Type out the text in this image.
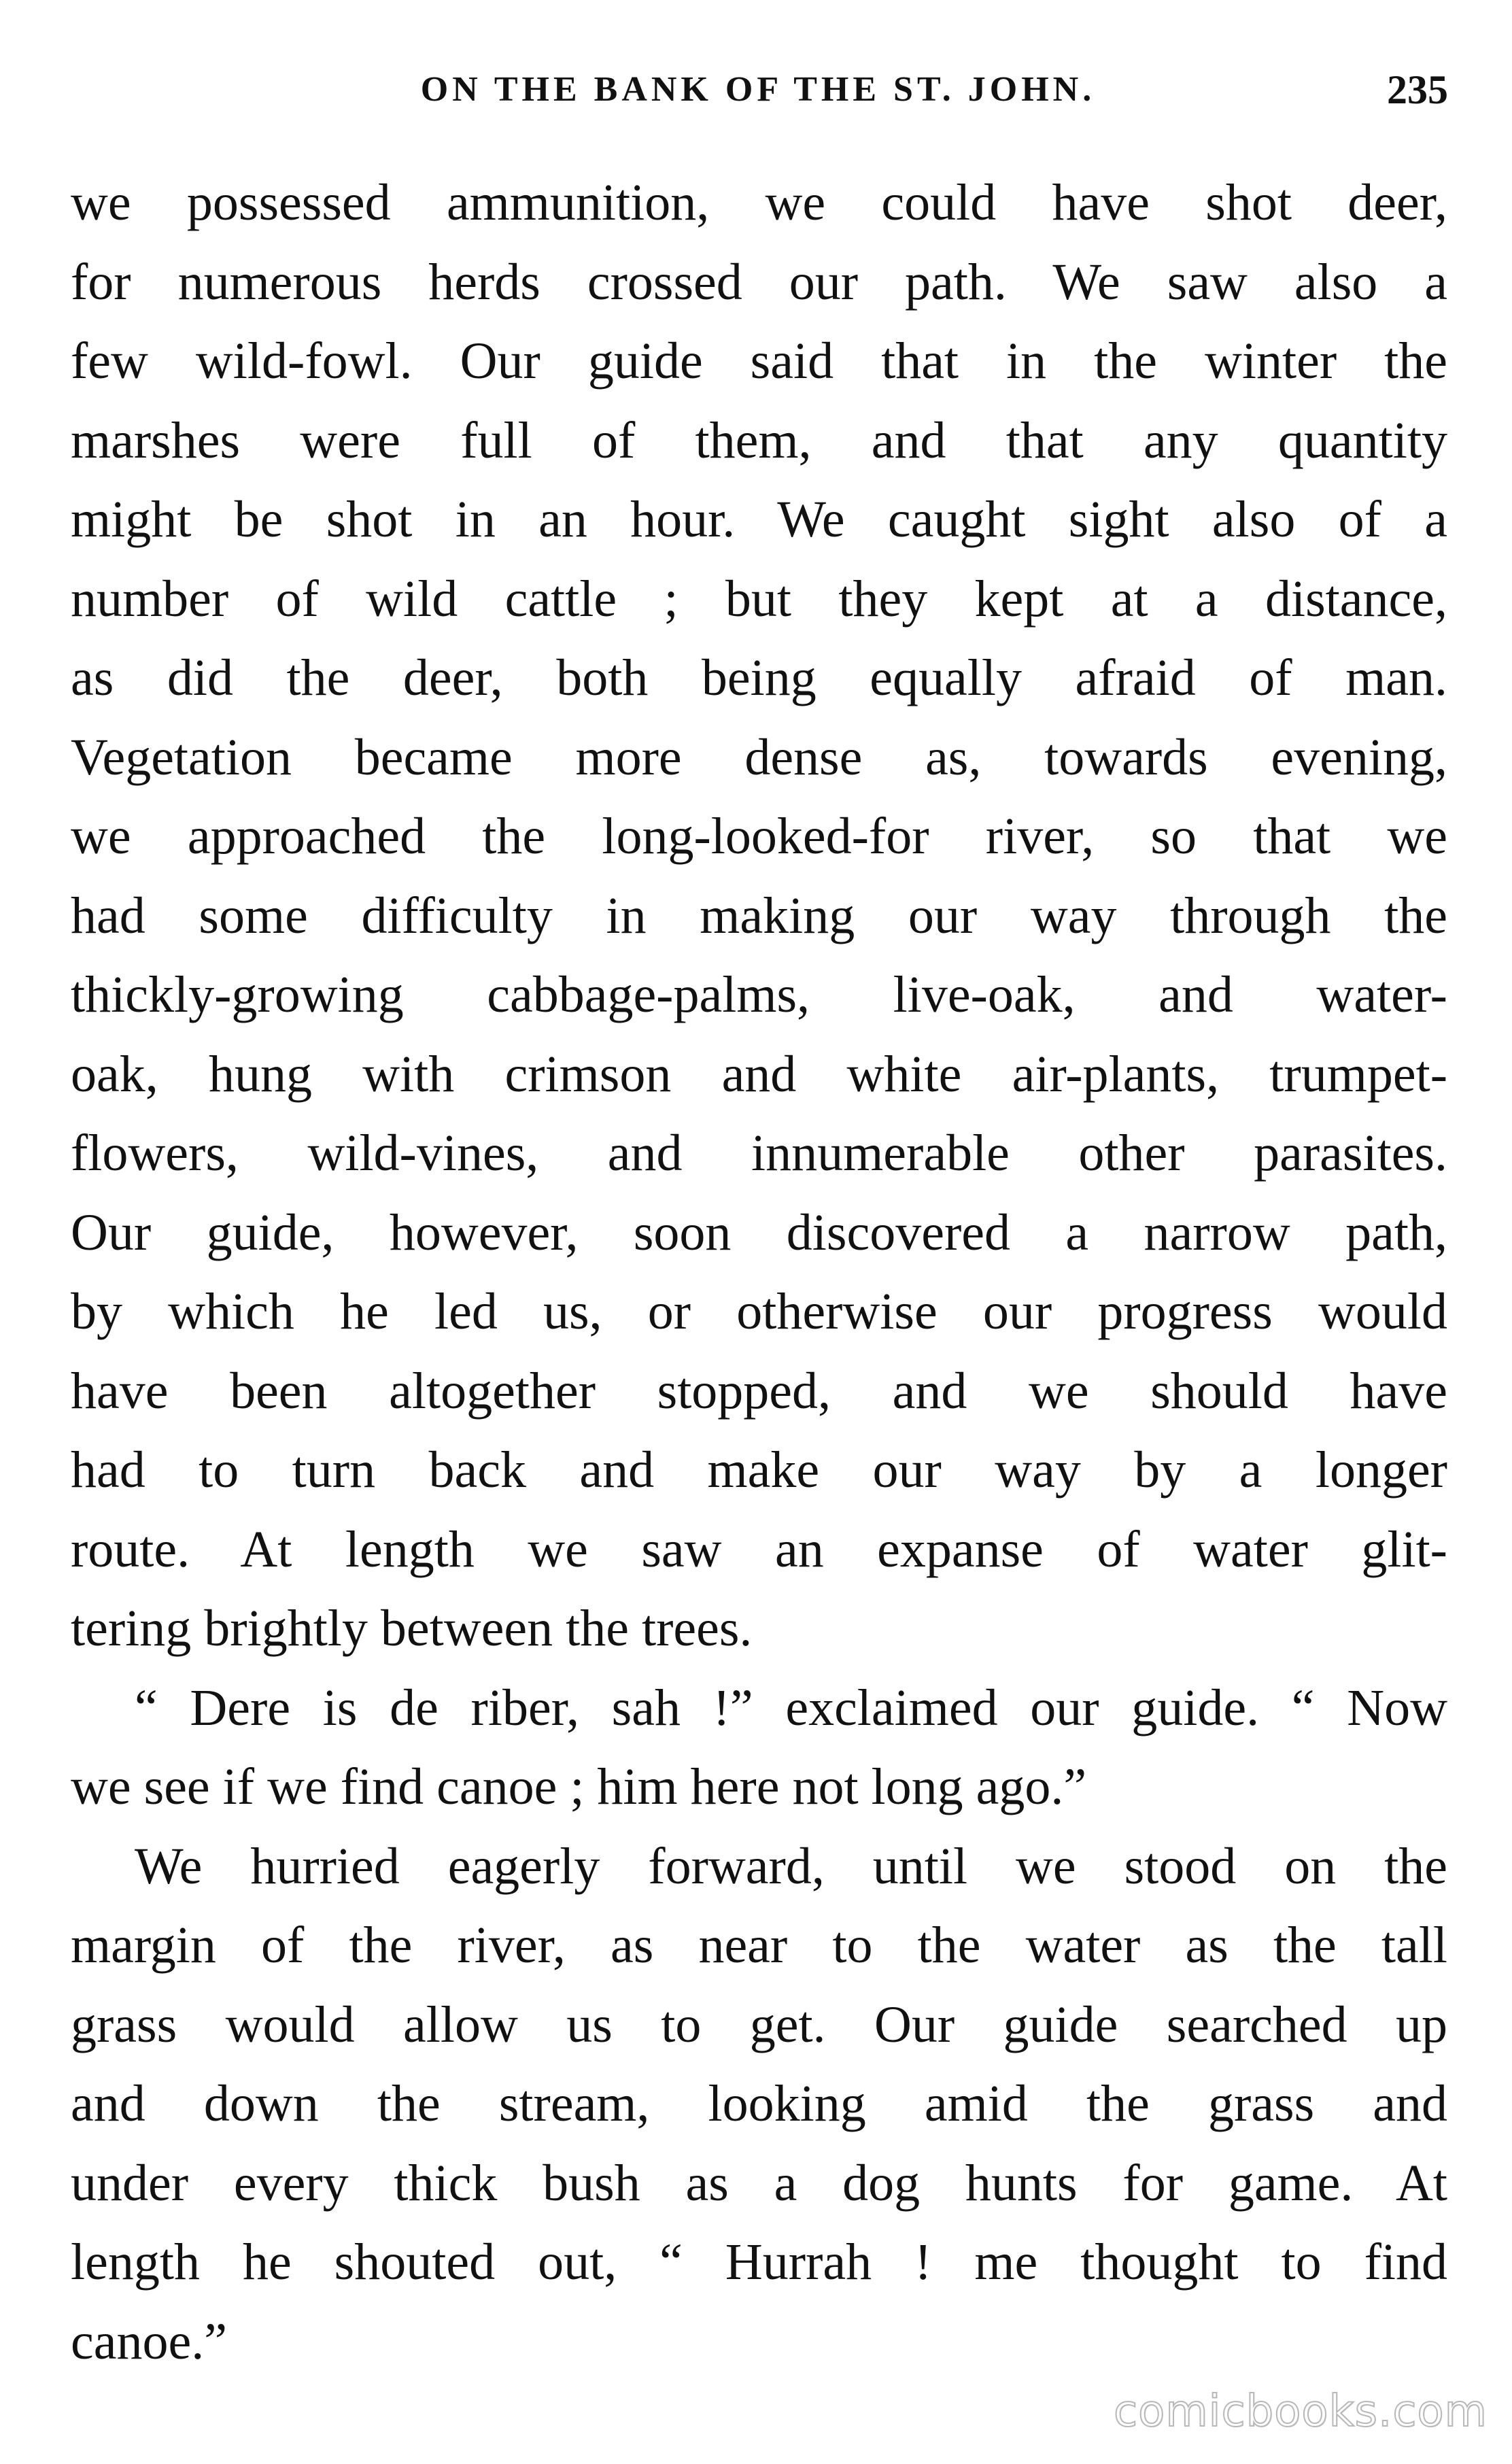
ON THE BANK OF THE ST. JOHN.	235
we possessed ammunition, we could have shot deer,
for numerous herds crossed our path. We saw also a
few wild-fowl. Our guide said that in the winter the
marshes were full of them, and that any quantity
might be shot in an hour. We caught sight also of a
number of wild cattle ; but they kept at a distance,
as did the deer, both being equally afraid of man.
Vegetation became more dense as, towards evening,
we approached the long-looked-for river, so that we
had some difficulty in making our way through the
thickly-growing cabbage-palms, live-oak, and water-
oak, hung with crimson and white air-plants, trumpet-
flowers, wild-vines, and innumerable other parasites.
Our guide, however, soon discovered a narrow path,
by which he led us, or otherwise our progress would
have been altogether stopped, and we should have
had to turn back and make our way by a longer
route. At length we saw an expanse of water glit-
tering brightly between the trees.
“ Dere is de riber, sah !” exclaimed our guide. “ Now
we see if we find canoe ; him here not long ago.”
We hurried eagerly forward, until we stood on the
margin of the river, as near to the water as the tall
grass would allow us to get. Our guide searched up
and down the stream, looking amid the grass and
under every thick bush as a dog hunts for game. At
length he shouted out, “ Hurrah ! me thought to find
canoe.”
comicbooks.com
